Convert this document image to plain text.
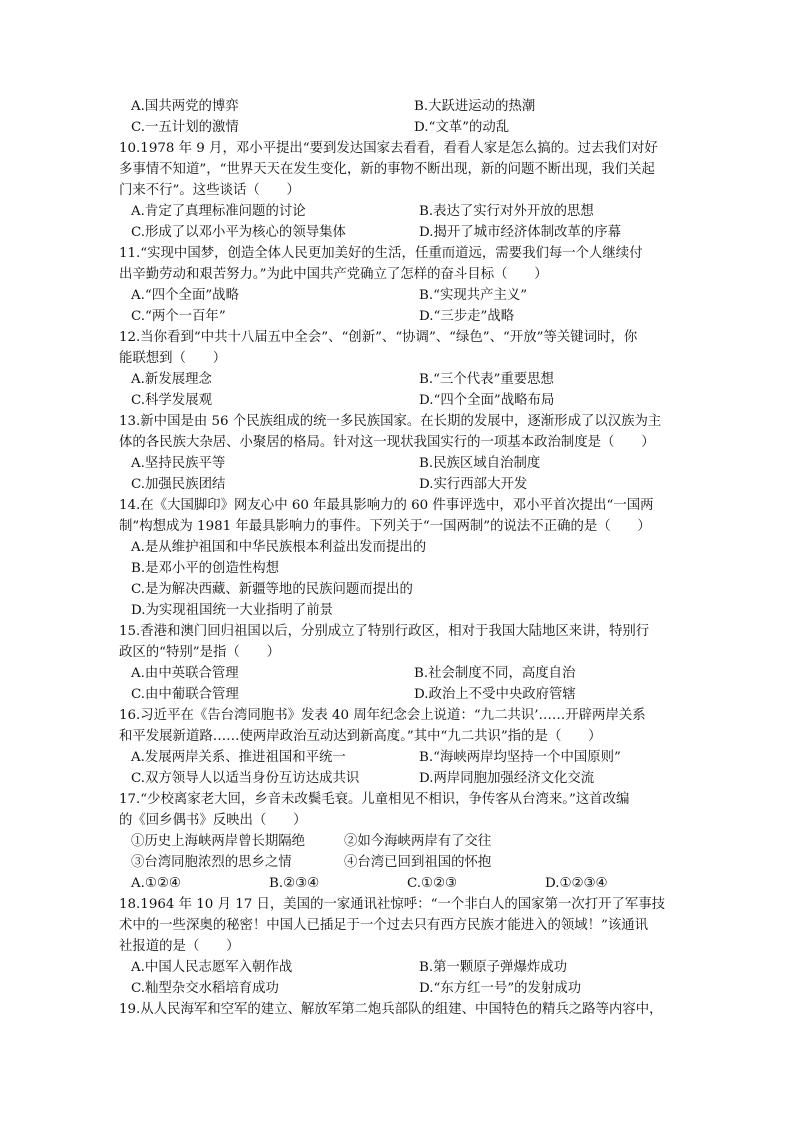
A.国共两党的博弈	B.大跃进运动的热潮
C.一五计划的激情	D.“文革”的动乱
10.1978 年 9 月，邓小平提出“要到发达国家去看看，看看人家是怎么搞的。过去我们对好
多事情不知道”，“世界天天在发生变化，新的事物不断出现，新的问题不断出现，我们关起
门来不行”。这些谈话（　　）
A.肯定了真理标准问题的讨论	B.表达了实行对外开放的思想
C.形成了以邓小平为核心的领导集体	D.揭开了城市经济体制改革的序幕
11.“实现中国梦，创造全体人民更加美好的生活，任重而道远，需要我们每一个人继续付
出辛勤劳动和艰苦努力。”为此中国共产党确立了怎样的奋斗目标（　　）
A.“四个全面”战略	B.“实现共产主义”
C.“两个一百年”	D.“三步走”战略
12.当你看到“中共十八届五中全会”、“创新”、“协调”、“绿色”、“开放”等关键词时，你
能联想到（　　）
A.新发展理念	B.“三个代表”重要思想
C.科学发展观	D.“四个全面”战略布局
13.新中国是由 56 个民族组成的统一多民族国家。在长期的发展中，逐渐形成了以汉族为主
体的各民族大杂居、小聚居的格局。针对这一现状我国实行的一项基本政治制度是（　　）
A.坚持民族平等	B.民族区域自治制度
C.加强民族团结	D.实行西部大开发
14.在《大国脚印》网友心中 60 年最具影响力的 60 件事评选中，邓小平首次提出“一国两
制”构想成为 1981 年最具影响力的事件。下列关于“一国两制”的说法不正确的是（　　）
A.是从维护祖国和中华民族根本利益出发而提出的
B.是邓小平的创造性构想
C.是为解决西藏、新疆等地的民族问题而提出的
D.为实现祖国统一大业指明了前景
15.香港和澳门回归祖国以后，分别成立了特别行政区，相对于我国大陆地区来讲，特别行
政区的“特别”是指（　　）
A.由中英联合管理	B.社会制度不同，高度自治
C.由中葡联合管理	D.政治上不受中央政府管辖
16.习近平在《告台湾同胞书》发表 40 周年纪念会上说道：“九二共识’……开辟两岸关系
和平发展新道路……使两岸政治互动达到新高度。”其中“九二共识”指的是（　　）
A.发展两岸关系、推进祖国和平统一	B.“海峡两岸均坚持一个中国原则”
C.双方领导人以适当身份互访达成共识	D.两岸同胞加强经济文化交流
17.“少校离家老大回，乡音未改鬓毛衰。儿童相见不相识，争传客从台湾来。”这首改编
的《回乡偶书》反映出（　　）
①历史上海峡两岸曾长期隔绝	②如今海峡两岸有了交往
③台湾同胞浓烈的思乡之情	④台湾已回到祖国的怀抱
A.①②④	B.②③④	C.①②③	D.①②③④
18.1964 年 10 月 17 日，美国的一家通讯社惊呼：“一个非白人的国家第一次打开了军事技
术中的一些深奥的秘密！中国人已插足于一个过去只有西方民族才能进入的领域！”该通讯
社报道的是（　　）
A.中国人民志愿军入朝作战	B.第一颗原子弹爆炸成功
C.籼型杂交水稻培育成功	D.“东方红一号”的发射成功
19.从人民海军和空军的建立、解放军第二炮兵部队的组建、中国特色的精兵之路等内容中，
